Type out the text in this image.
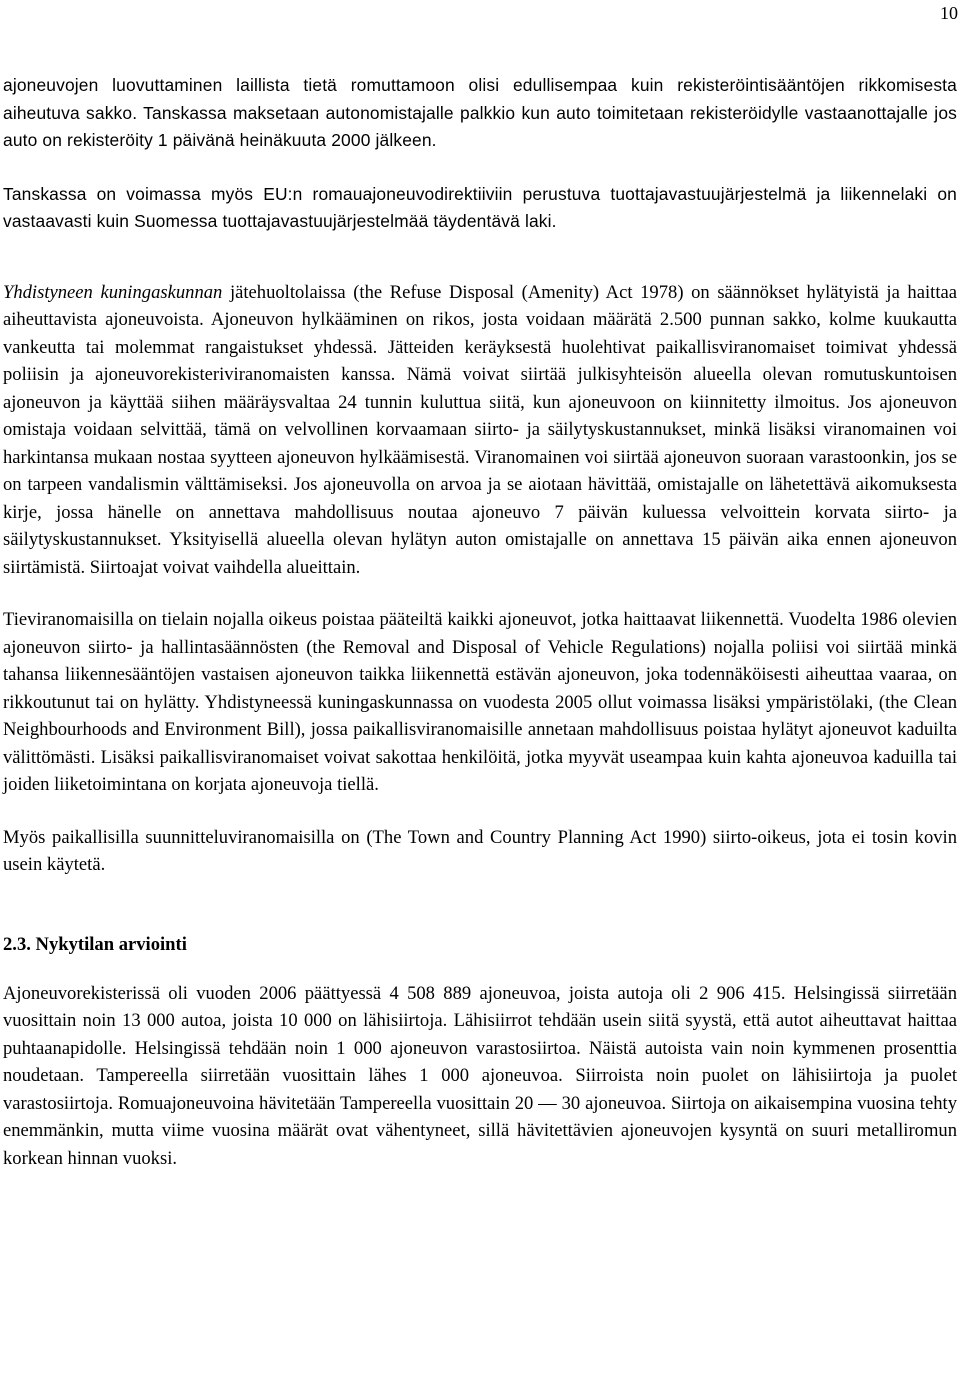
10

ajoneuvojen luovuttaminen laillista tietä romuttamoon olisi edullisempaa kuin rekisteröintisääntöjen rikkomisesta aiheutuva sakko. Tanskassa maksetaan autonomistajalle palkkio kun auto toimitetaan rekisteröidylle vastaanottajalle jos auto on rekisteröity 1 päivänä heinäkuuta 2000 jälkeen.

Tanskassa on voimassa myös EU:n romauajoneuvodirektiiviin perustuva tuottajavastuujärjestelmä ja liikennelaki on vastaavasti kuin Suomessa tuottajavastuujärjestelmää täydentävä laki.

Yhdistyneen kuningaskunnan jätehuoltolaissa (the Refuse Disposal (Amenity) Act 1978) on säännökset hylätyistä ja haittaa aiheuttavista ajoneuvoista. Ajoneuvon hylkääminen on rikos, josta voidaan määrätä 2.500 punnan sakko, kolme kuukautta vankeutta tai molemmat rangaistukset yhdessä. Jätteiden keräyksestä huolehtivat paikallisviranomaiset toimivat yhdessä poliisin ja ajoneuvorekisteriviranomaisten kanssa. Nämä voivat siirtää julkisyhteisön alueella olevan romutuskuntoisen ajoneuvon ja käyttää siihen määräysvaltaa 24 tunnin kuluttua siitä, kun ajoneuvoon on kiinnitetty ilmoitus. Jos ajoneuvon omistaja voidaan selvittää, tämä on velvollinen korvaamaan siirto- ja säilytyskustannukset, minkä lisäksi viranomainen voi harkintansa mukaan nostaa syytteen ajoneuvon hylkäämisestä. Viranomainen voi siirtää ajoneuvon suoraan varastoonkin, jos se on tarpeen vandalismin välttämiseksi. Jos ajoneuvolla on arvoa ja se aiotaan hävittää, omistajalle on lähetettävä aikomuksesta kirje, jossa hänelle on annettava mahdollisuus noutaa ajoneuvo 7 päivän kuluessa velvoittein korvata siirto- ja säilytyskustannukset. Yksityisellä alueella olevan hylätyn auton omistajalle on annettava 15 päivän aika ennen ajoneuvon siirtämistä. Siirtoajat voivat vaihdella alueittain.

Tieviranomaisilla on tielain nojalla oikeus poistaa pääteiltä kaikki ajoneuvot, jotka haittaavat liikennettä. Vuodelta 1986 olevien ajoneuvon siirto- ja hallintasäännösten (the Removal and Disposal of Vehicle Regulations) nojalla poliisi voi siirtää minkä tahansa liikennesääntöjen vastaisen ajoneuvon taikka liikennettä estävän ajoneuvon, joka todennäköisesti aiheuttaa vaaraa, on rikkoutunut tai on hylätty. Yhdistyneessä kuningaskunnassa on vuodesta 2005 ollut voimassa lisäksi ympäristölaki, (the Clean Neighbourhoods and Environment Bill), jossa paikallisviranomaisille annetaan mahdollisuus poistaa hylätyt ajoneuvot kaduilta välittömästi. Lisäksi paikallisviranomaiset voivat sakottaa henkilöitä, jotka myyvät useampaa kuin kahta ajoneuvoa kaduilla tai joiden liiketoimintana on korjata ajoneuvoja tiellä.

Myös paikallisilla suunnitteluviranomaisilla on (The Town and Country Planning Act 1990) siirto-oikeus, jota ei tosin kovin usein käytetä.

2.3. Nykytilan arviointi

Ajoneuvorekisterissä oli vuoden 2006 päättyessä 4 508 889 ajoneuvoa, joista autoja oli 2 906 415. Helsingissä siirretään vuosittain noin 13 000 autoa, joista 10 000 on lähisiirtoja. Lähisiirrot tehdään usein siitä syystä, että autot aiheuttavat haittaa puhtaanapidolle. Helsingissä tehdään noin 1 000 ajoneuvon varastosiirtoa. Näistä autoista vain noin kymmenen prosenttia noudetaan. Tampereella siirretään vuosittain lähes 1 000 ajoneuvoa. Siirroista noin puolet on lähisiirtoja ja puolet varastosiirtoja. Romuajoneuvoina hävitetään Tampereella vuosittain 20 — 30 ajoneuvoa. Siirtoja on aikaisempina vuosina tehty enemmänkin, mutta viime vuosina määrät ovat vähentyneet, sillä hävitettävien ajoneuvojen kysyntä on suuri metalliromun korkean hinnan vuoksi.
